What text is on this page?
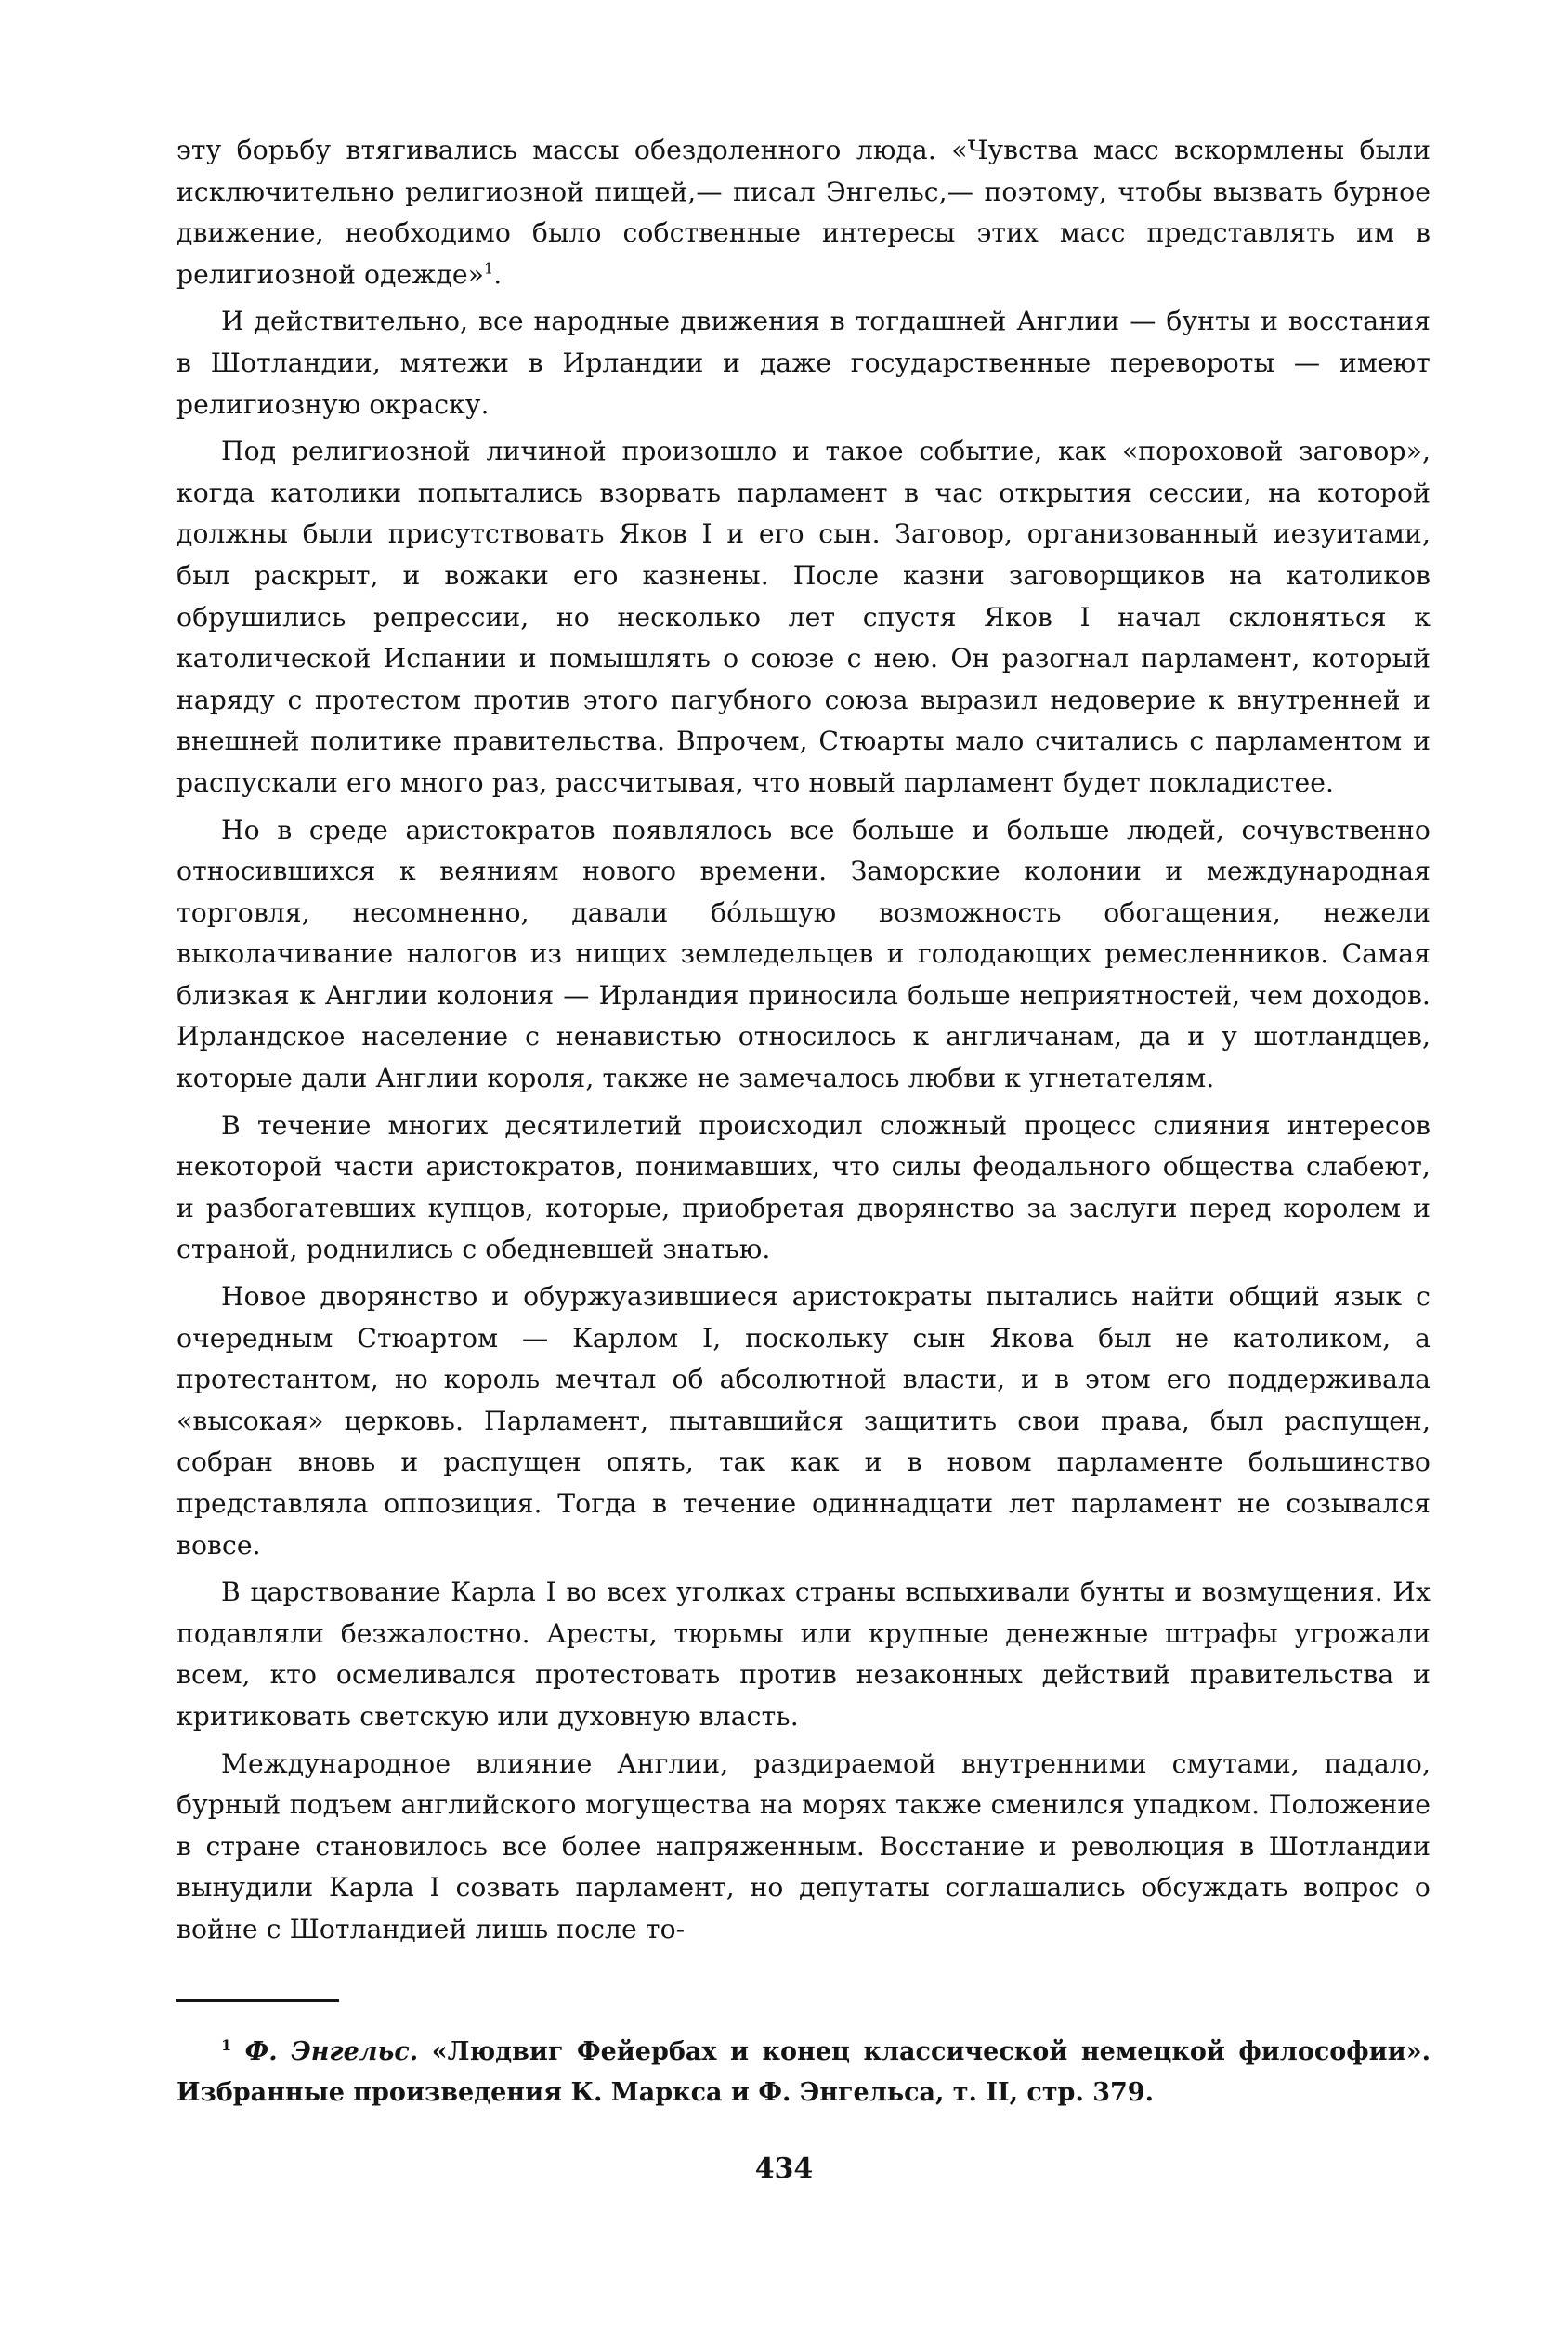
эту борьбу втягивались массы обездоленного люда. «Чувства масс вскормлены были исключительно религиозной пищей,— писал Энгельс,— поэтому, чтобы вызвать бурное движение, необходимо было собственные интересы этих масс представлять им в религиозной одежде»$^1$.

И действительно, все народные движения в тогдашней Англии — бунты и восстания в Шотландии, мятежи в Ирландии и даже государственные перевороты — имеют религиозную окраску.

Под религиозной личиной произошло и такое событие, как «пороховой заговор», когда католики попытались взорвать парламент в час открытия сессии, на которой должны были присутствовать Яков I и его сын. Заговор, организованный иезуитами, был раскрыт, и вожаки его казнены. После казни заговорщиков на католиков обрушились репрессии, но несколько лет спустя Яков I начал склоняться к католической Испании и помышлять о союзе с нею. Он разогнал парламент, который наряду с протестом против этого пагубного союза выразил недоверие к внутренней и внешней политике правительства. Впрочем, Стюарты мало считались с парламентом и распускали его много раз, рассчитывая, что новый парламент будет покладистее.

Но в среде аристократов появлялось все больше и больше людей, сочувственно относившихся к веяниям нового времени. Заморские колонии и международная торговля, несомненно, давали бо́льшую возможность обогащения, нежели выколачивание налогов из нищих земледельцев и голодающих ремесленников. Самая близкая к Англии колония — Ирландия приносила больше неприятностей, чем доходов. Ирландское население с ненавистью относилось к англичанам, да и у шотландцев, которые дали Англии короля, также не замечалось любви к угнетателям.

В течение многих десятилетий происходил сложный процесс слияния интересов некоторой части аристократов, понимавших, что силы феодального общества слабеют, и разбогатевших купцов, которые, приобретая дворянство за заслуги перед королем и страной, роднились с обедневшей знатью.

Новое дворянство и обуржуазившиеся аристократы пытались найти общий язык с очередным Стюартом — Карлом I, поскольку сын Якова был не католиком, а протестантом, но король мечтал об абсолютной власти, и в этом его поддерживала «высокая» церковь. Парламент, пытавшийся защитить свои права, был распущен, собран вновь и распущен опять, так как и в новом парламенте большинство представляла оппозиция. Тогда в течение одиннадцати лет парламент не созывался вовсе.

В царствование Карла I во всех уголках страны вспыхивали бунты и возмущения. Их подавляли безжалостно. Аресты, тюрьмы или крупные денежные штрафы угрожали всем, кто осмеливался протестовать против незаконных действий правительства и критиковать светскую или духовную власть.

Международное влияние Англии, раздираемой внутренними смутами, падало, бурный подъем английского могущества на морях также сменился упадком. Положение в стране становилось все более напряженным. Восстание и революция в Шотландии вынудили Карла I созвать парламент, но депутаты соглашались обсуждать вопрос о войне с Шотландией лишь после то-

$^1$ Ф. Энгельс. «Людвиг Фейербах и конец классической немецкой философии». Избранные произведения К. Маркса и Ф. Энгельса, т. II, стр. 379.

434
